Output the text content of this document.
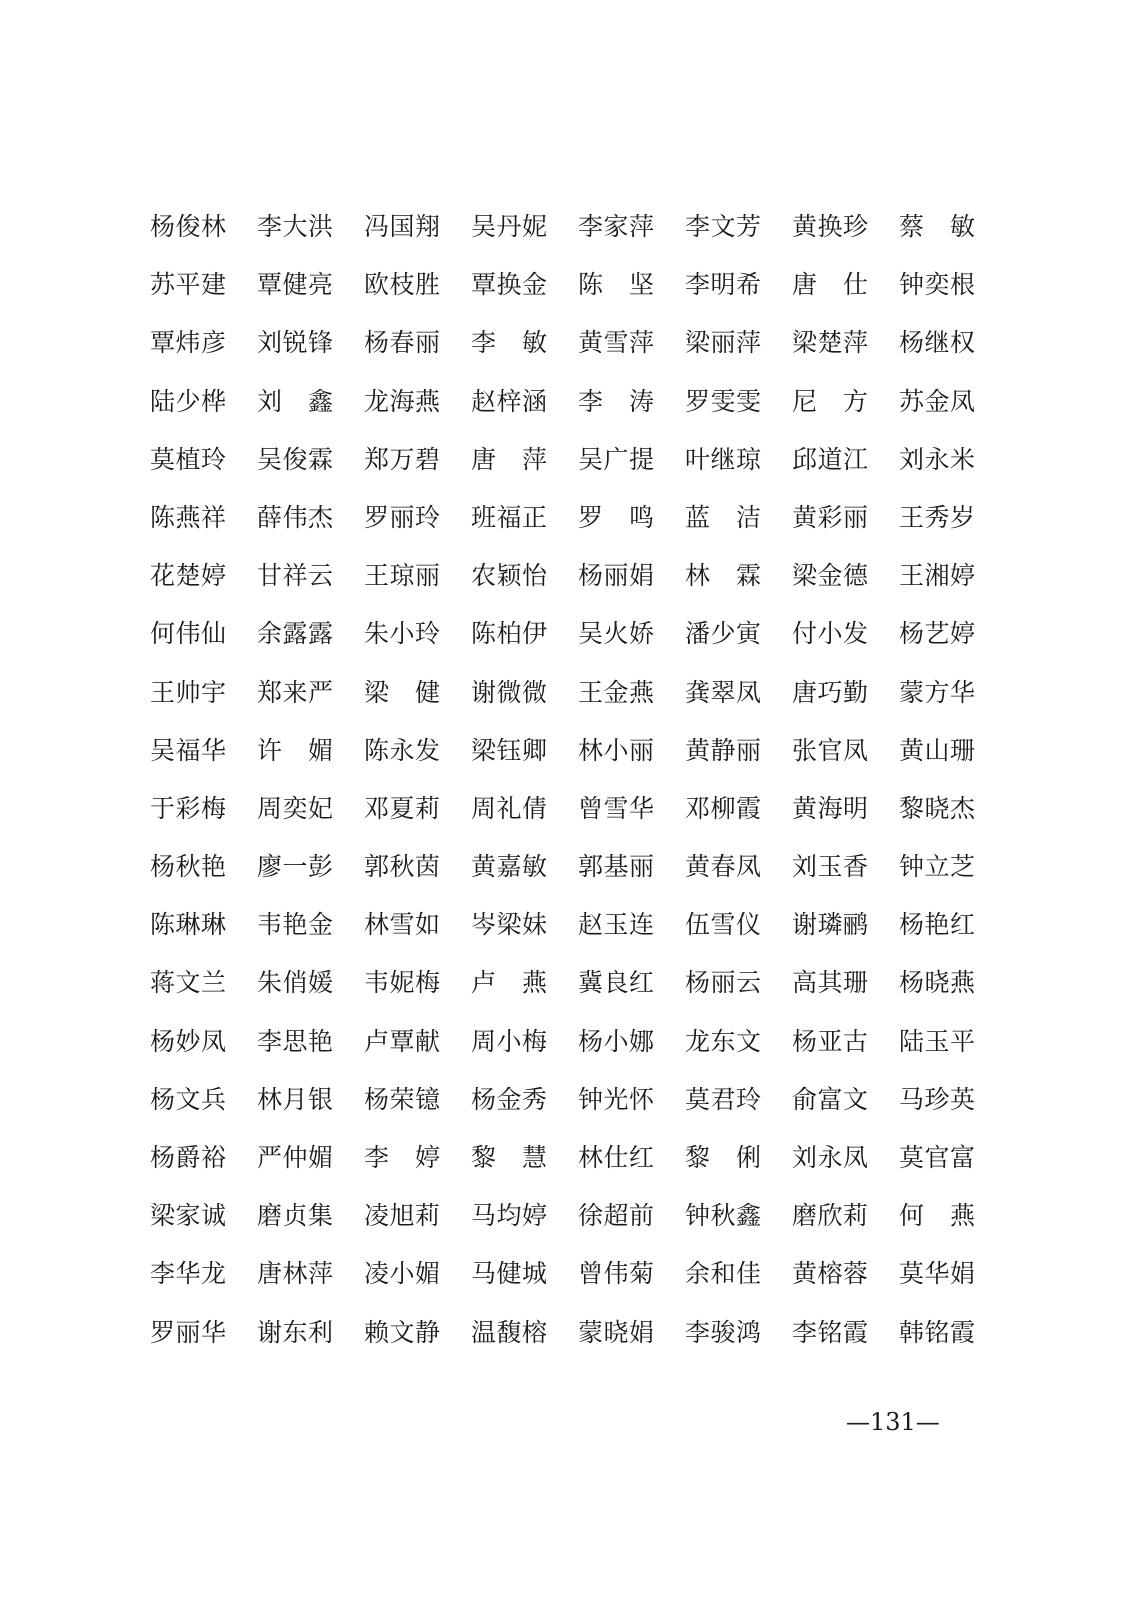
杨俊林	李大洪	冯国翔	吴丹妮	李家萍	李文芳	黄换珍	蔡　敏
苏平建	覃健亮	欧枝胜	覃换金	陈　坚	李明希	唐　仕	钟奕根
覃炜彦	刘锐锋	杨春丽	李　敏	黄雪萍	梁丽萍	梁楚萍	杨继权
陆少桦	刘　鑫	龙海燕	赵梓涵	李　涛	罗雯雯	尼　方	苏金凤
莫植玲	吴俊霖	郑万碧	唐　萍	吴广提	叶继琼	邱道江	刘永米
陈燕祥	薛伟杰	罗丽玲	班福正	罗　鸣	蓝　洁	黄彩丽	王秀岁
花楚婷	甘祥云	王琼丽	农颖怡	杨丽娟	林　霖	梁金德	王湘婷
何伟仙	余露露	朱小玲	陈柏伊	吴火娇	潘少寅	付小发	杨艺婷
王帅宇	郑来严	梁　健	谢微微	王金燕	龚翠凤	唐巧勤	蒙方华
吴福华	许　媚	陈永发	梁钰卿	林小丽	黄静丽	张官凤	黄山珊
于彩梅	周奕妃	邓夏莉	周礼倩	曾雪华	邓柳霞	黄海明	黎晓杰
杨秋艳	廖一彭	郭秋茵	黄嘉敏	郭基丽	黄春凤	刘玉香	钟立芝
陈琳琳	韦艳金	林雪如	岑梁妹	赵玉连	伍雪仪	谢璘鹂	杨艳红
蒋文兰	朱俏媛	韦妮梅	卢　燕	冀良红	杨丽云	高其珊	杨晓燕
杨妙凤	李思艳	卢覃献	周小梅	杨小娜	龙东文	杨亚古	陆玉平
杨文兵	林月银	杨荣镱	杨金秀	钟光怀	莫君玲	俞富文	马珍英
杨爵裕	严仲媚	李　婷	黎　慧	林仕红	黎　俐	刘永凤	莫官富
梁家诚	磨贞集	凌旭莉	马均婷	徐超前	钟秋鑫	磨欣莉	何　燕
李华龙	唐林萍	凌小媚	马健城	曾伟菊	余和佳	黄榕蓉	莫华娟
罗丽华	谢东利	赖文静	温馥榕	蒙晓娟	李骏鸿	李铭霞	韩铭霞
—131—
